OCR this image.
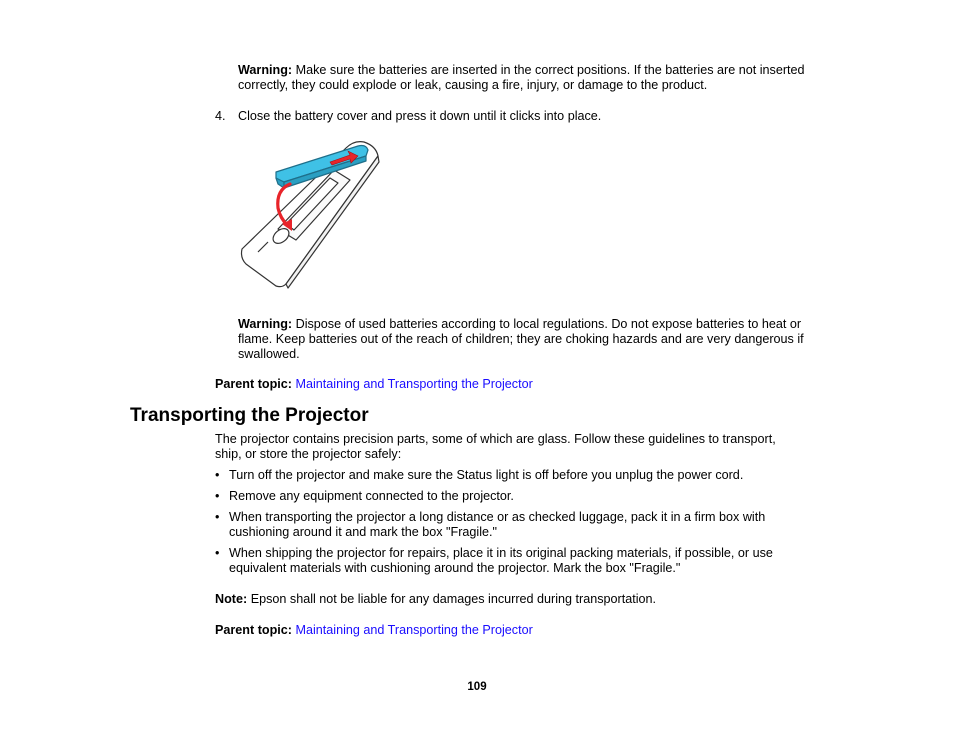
Warning: Make sure the batteries are inserted in the correct positions. If the batteries are not inserted correctly, they could explode or leak, causing a fire, injury, or damage to the product.

4. Close the battery cover and press it down until it clicks into place.

Warning: Dispose of used batteries according to local regulations. Do not expose batteries to heat or flame. Keep batteries out of the reach of children; they are choking hazards and are very dangerous if swallowed.

Parent topic: Maintaining and Transporting the Projector

Transporting the Projector

The projector contains precision parts, some of which are glass. Follow these guidelines to transport, ship, or store the projector safely:

• Turn off the projector and make sure the Status light is off before you unplug the power cord.
• Remove any equipment connected to the projector.
• When transporting the projector a long distance or as checked luggage, pack it in a firm box with cushioning around it and mark the box "Fragile."
• When shipping the projector for repairs, place it in its original packing materials, if possible, or use equivalent materials with cushioning around the projector. Mark the box "Fragile."

Note: Epson shall not be liable for any damages incurred during transportation.

Parent topic: Maintaining and Transporting the Projector

109
